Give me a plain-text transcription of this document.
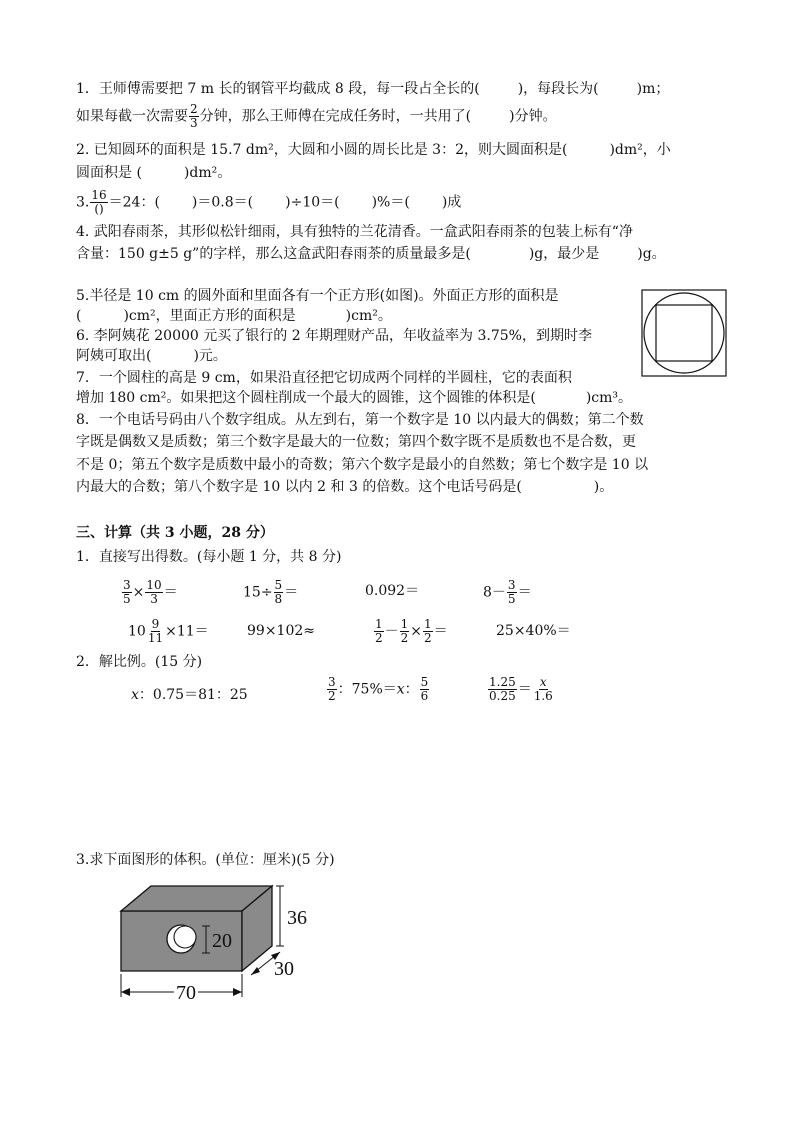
1．王师傅需要把 7 m 长的钢管平均截成 8 段，每一段占全长的(	)，每段长为(	)m；
如果每截一次需要 $\frac{2}{3}$ 分钟，那么王师傅在完成任务时，一共用了(	)分钟。
2. 已知圆环的面积是 15.7 dm²，大圆和小圆的周长比是 3：2，则大圆面积是(	)dm²，小
圆面积是 (	)dm²。
3. $\frac{16}{()} =24$：( )＝0.8＝( )÷10＝( )%＝( )成
4. 武阳春雨茶，其形似松针细雨，具有独特的兰花清香。一盒武阳春雨茶的包装上标有“净
含量：150 g±5 g”的字样，那么这盒武阳春雨茶的质量最多是(	)g，最少是	)g。
5.半径是 10 cm 的圆外面和里面各有一个正方形(如图)。外面正方形的面积是
(	)cm²，里面正方形的面积是	)cm²。
6. 李阿姨花 20000 元买了银行的 2 年期理财产品，年收益率为 3.75%，到期时李
阿姨可取出(	)元。
7．一个圆柱的高是 9 cm，如果沿直径把它切成两个同样的半圆柱，它的表面积
增加 180 cm²。如果把这个圆柱削成一个最大的圆锥，这个圆锥的体积是(	)cm³。
8．一个电话号码由八个数字组成。从左到右，第一个数字是 10 以内最大的偶数；第二个数
字既是偶数又是质数；第三个数字是最大的一位数；第四个数字既不是质数也不是合数，更
不是 0；第五个数字是质数中最小的奇数；第六个数字是最小的自然数；第七个数字是 10 以
内最大的合数；第八个数字是 10 以内 2 和 3 的倍数。这个电话号码是(	)。
三、计算（共 3 小题，28 分）
1．直接写出得数。(每小题 1 分，共 8 分)
$\frac{3}{5} \times \frac{10}{3}$ ＝	$15\div \frac{5}{8}$ ＝	0.092＝	$8- \frac{3}{5}$ ＝
$10 \frac{9}{11} \times 11=$	99×102≈	$\frac{1}{2} - \frac{1}{2} \times \frac{1}{2}$ ＝	25×40%＝
2．解比例。(15 分)
x：0.75＝81：25	$\frac{3}{2}$ ：75%＝x： $\frac{5}{6}$	$\frac{1.25}{0.25} = \frac{x}{1.6}$
3.求下面图形的体积。(单位：厘米)(5 分)
20
36
30
70
